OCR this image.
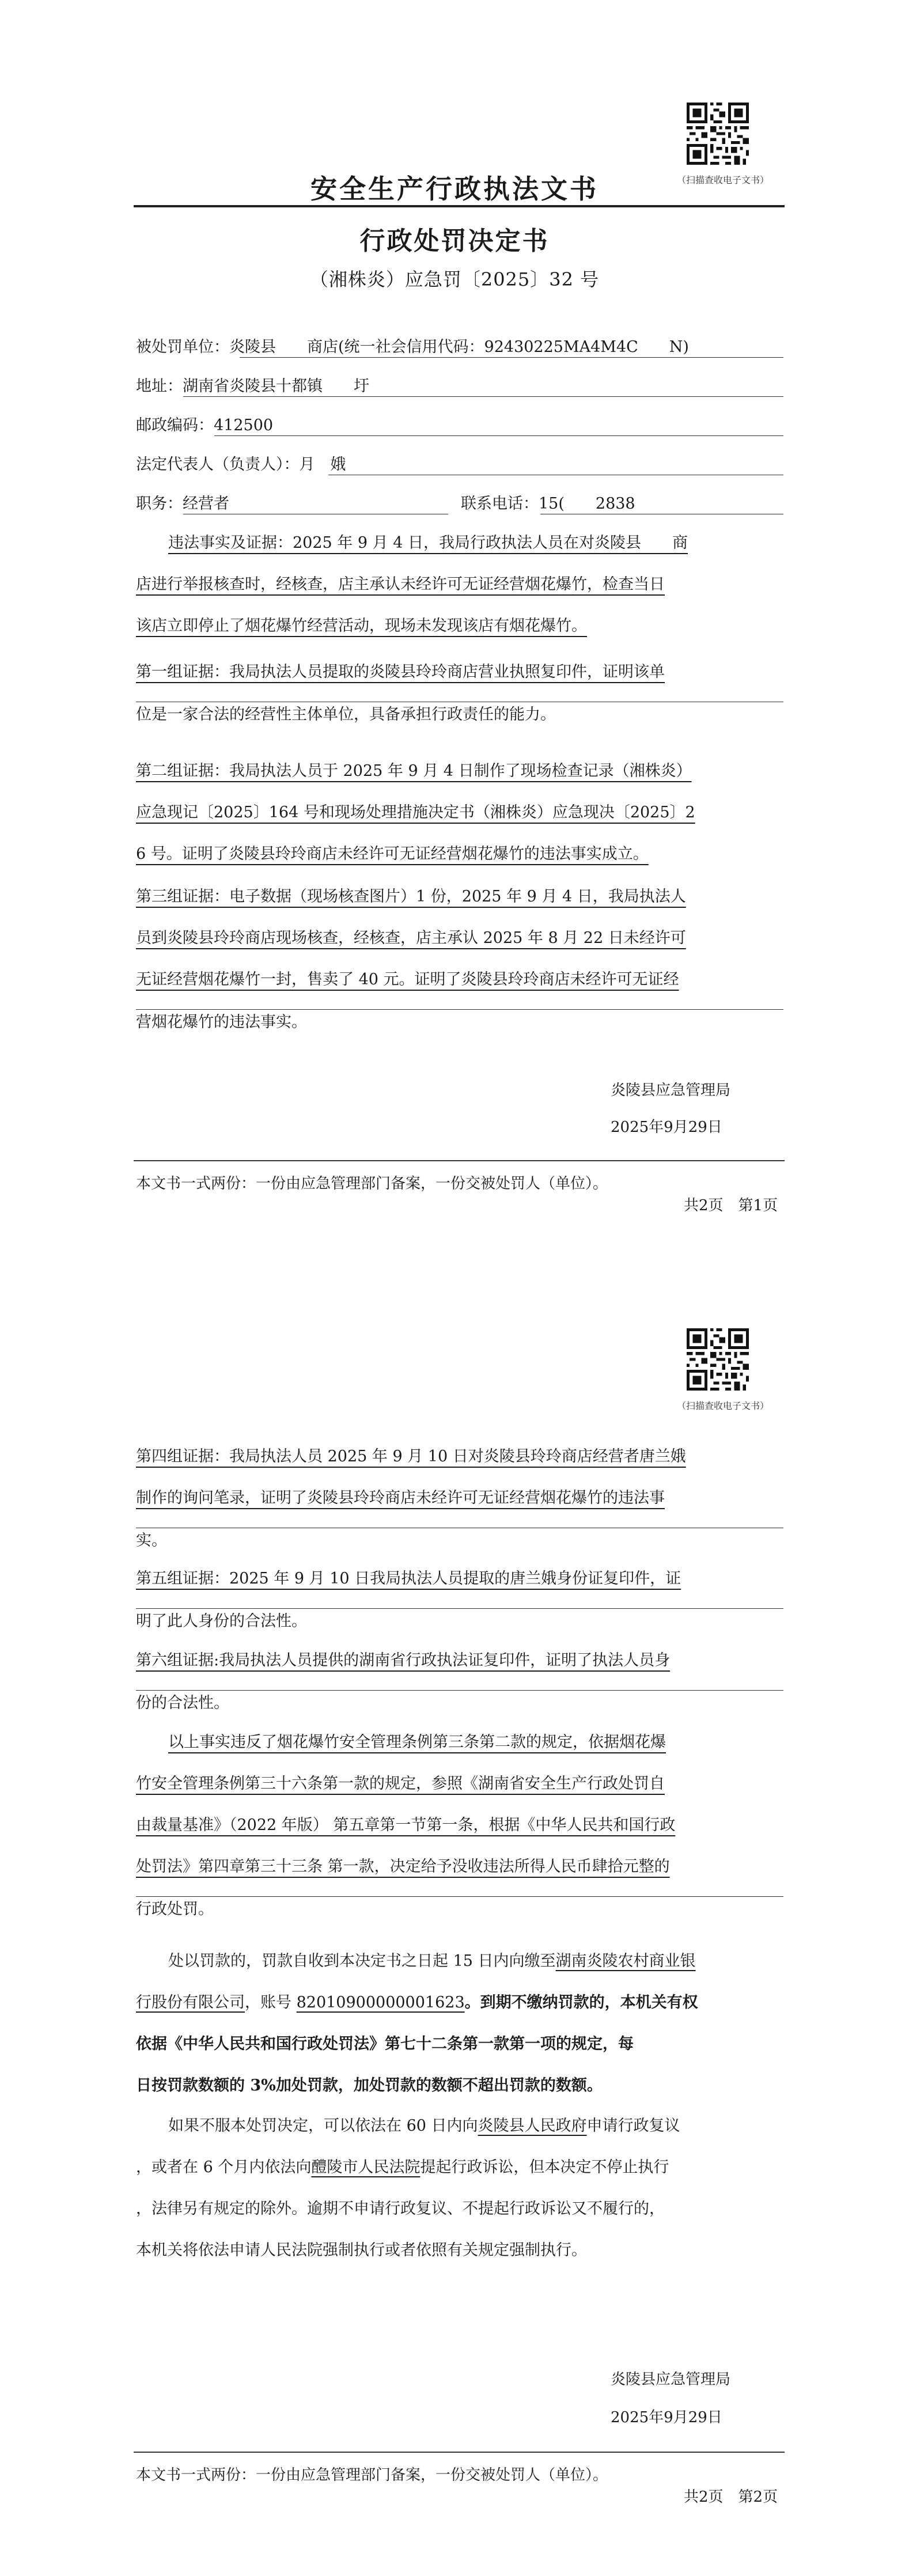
（扫描查收电子文书）
安全生产行政执法文书
行政处罚决定书
（湘株炎）应急罚〔2025〕32 号
被处罚单位：炎陵县　　商店(统一社会信用代码：92430225MA4M4C　　N)
地址：湖南省炎陵县十都镇　　圩
邮政编码：412500
法定代表人（负责人）：月　娥
职务：经营者	联系电话：15(　　2838
违法事实及证据：2025 年 9 月 4 日，我局行政执法人员在对炎陵县　　商
店进行举报核查时，经核查，店主承认未经许可无证经营烟花爆竹，检查当日
该店立即停止了烟花爆竹经营活动，现场未发现该店有烟花爆竹。
第一组证据：我局执法人员提取的炎陵县玲玲商店营业执照复印件，证明该单
位是一家合法的经营性主体单位，具备承担行政责任的能力。
第二组证据：我局执法人员于 2025 年 9 月 4 日制作了现场检查记录（湘株炎）
应急现记〔2025〕164 号和现场处理措施决定书（湘株炎）应急现决〔2025〕2
6 号。证明了炎陵县玲玲商店未经许可无证经营烟花爆竹的违法事实成立。
第三组证据：电子数据（现场核查图片）1 份，2025 年 9 月 4 日，我局执法人
员到炎陵县玲玲商店现场核查，经核查，店主承认 2025 年 8 月 22 日未经许可
无证经营烟花爆竹一封，售卖了 40 元。证明了炎陵县玲玲商店未经许可无证经
营烟花爆竹的违法事实。
炎陵县应急管理局
2025年9月29日
本文书一式两份：一份由应急管理部门备案，一份交被处罚人（单位）。
共2页　第1页
（扫描查收电子文书）
第四组证据：我局执法人员 2025 年 9 月 10 日对炎陵县玲玲商店经营者唐兰娥
制作的询问笔录，证明了炎陵县玲玲商店未经许可无证经营烟花爆竹的违法事
实。
第五组证据：2025 年 9 月 10 日我局执法人员提取的唐兰娥身份证复印件，证
明了此人身份的合法性。
第六组证据:我局执法人员提供的湖南省行政执法证复印件，证明了执法人员身
份的合法性。
以上事实违反了烟花爆竹安全管理条例第三条第二款的规定，依据烟花爆
竹安全管理条例第三十六条第一款的规定，参照《湖南省安全生产行政处罚自
由裁量基准》（2022 年版） 第五章第一节第一条，根据《中华人民共和国行政
处罚法》第四章第三十三条 第一款，决定给予没收违法所得人民币肆拾元整的
行政处罚。
处以罚款的，罚款自收到本决定书之日起 15 日内向缴至湖南炎陵农村商业银
行股份有限公司，账号 82010900000001623。到期不缴纳罚款的，本机关有权
依据《中华人民共和国行政处罚法》第七十二条第一款第一项的规定，每
日按罚款数额的 3%加处罚款，加处罚款的数额不超出罚款的数额。
如果不服本处罚决定，可以依法在 60 日内向炎陵县人民政府申请行政复议
，或者在 6 个月内依法向醴陵市人民法院提起行政诉讼，但本决定不停止执行
，法律另有规定的除外。逾期不申请行政复议、不提起行政诉讼又不履行的，
本机关将依法申请人民法院强制执行或者依照有关规定强制执行。
炎陵县应急管理局
2025年9月29日
本文书一式两份：一份由应急管理部门备案，一份交被处罚人（单位）。
共2页　第2页
